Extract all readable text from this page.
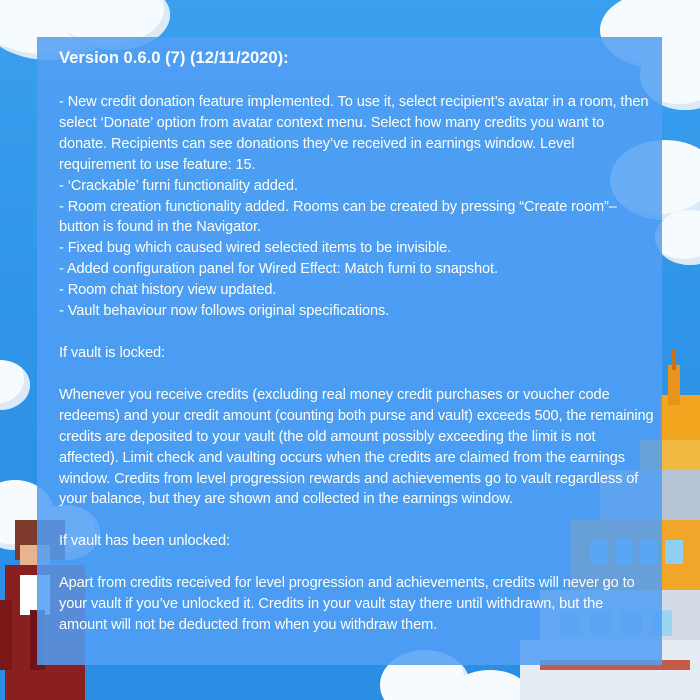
Version 0.6.0 (7) (12/11/2020):

- New credit donation feature implemented. To use it, select recipient’s avatar in a room, then select ‘Donate’ option from avatar context menu. Select how many credits you want to donate. Recipients can see donations they’ve received in earnings window. Level requirement to use feature: 15.

- ‘Crackable’ furni functionality added.

- Room creation functionality added. Rooms can be created by pressing “Create room”–button is found in the Navigator.

- Fixed bug which caused wired selected items to be invisible.

- Added configuration panel for Wired Effect: Match furni to snapshot.

- Room chat history view updated.

- Vault behaviour now follows original specifications.

If vault is locked:

Whenever you receive credits (excluding real money credit purchases or voucher code redeems) and your credit amount (counting both purse and vault) exceeds 500, the remaining credits are deposited to your vault (the old amount possibly exceeding the limit is not affected). Limit check and vaulting occurs when the credits are claimed from the earnings window. Credits from level progression rewards and achievements go to vault regardless of your balance, but they are shown and collected in the earnings window.

If vault has been unlocked:

Apart from credits received for level progression and achievements, credits will never go to your vault if you’ve unlocked it. Credits in your vault stay there until withdrawn, but the amount will not be deducted from when you withdraw them.
